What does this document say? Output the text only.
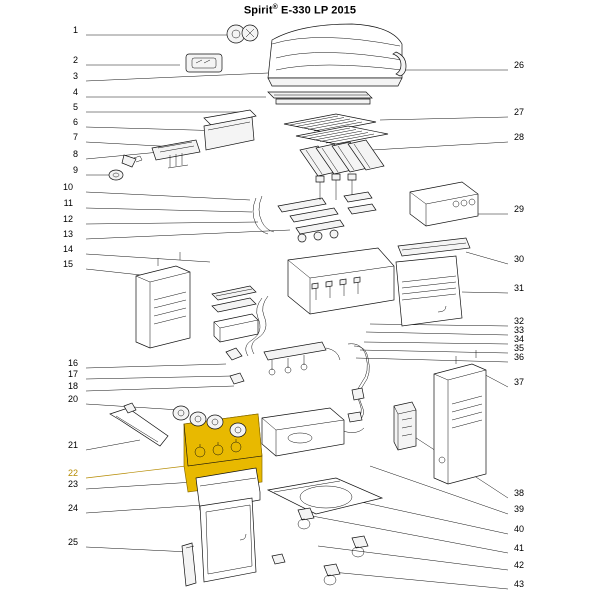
Spirit® E-330 LP 2015
1
2
3
4
5
6
7
8
9
10
11
12
13
14
15
16
17
18
20
21
22
23
24
25
26
27
28
29
30
31
32
33
34
35
36
37
38
39
40
41
42
43
